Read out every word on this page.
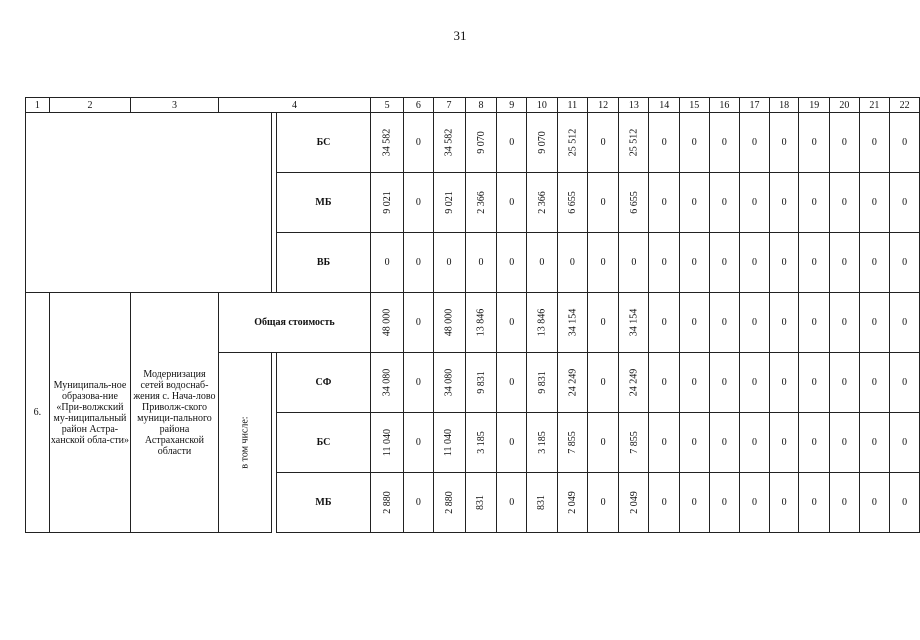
31
1	2	3	4			5	6	7	8	9	10	11	12	13	14	15	16	17	18	19	20	21	22
					БС	34 582	0	34 582	9 070	0	9 070	25 512	0	25 512	0	0	0	0	0	0	0	0	0
					МБ	9 021	0	9 021	2 366	0	2 366	6 655	0	6 655	0	0	0	0	0	0	0	0	0
					ВБ	0	0	0	0	0	0	0	0	0	0	0	0	0	0	0	0	0	0
6.	Муниципаль-ное образова-ние «При-волжский му-ниципальный район Астра-ханской обла-сти»	Модернизация сетей водоснаб-жения с. Нача-лово Приволж-ского муници-пального района Астраханской области	Общая стоимость			48 000	0	48 000	13 846	0	13 846	34 154	0	34 154	0	0	0	0	0	0	0	0	0
			в том числе:		СФ	34 080	0	34 080	9 831	0	9 831	24 249	0	24 249	0	0	0	0	0	0	0	0	0
					БС	11 040	0	11 040	3 185	0	3 185	7 855	0	7 855	0	0	0	0	0	0	0	0	0
					МБ	2 880	0	2 880	831	0	831	2 049	0	2 049	0	0	0	0	0	0	0	0	0
